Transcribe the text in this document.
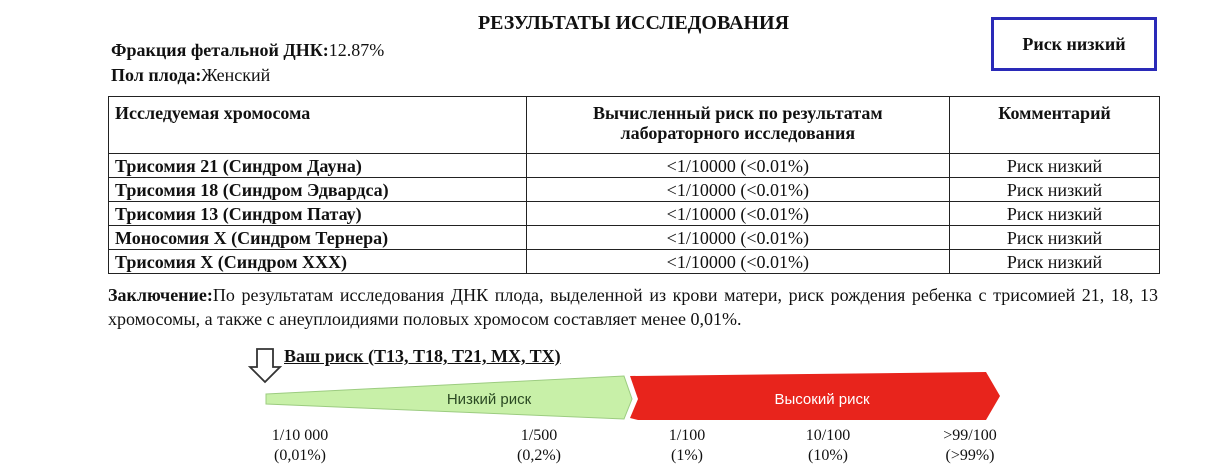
РЕЗУЛЬТАТЫ ИССЛЕДОВАНИЯ
Фракция фетальной ДНК:12.87%
Пол плода:Женский
Риск низкий
Исследуемая хромосома	Вычисленный риск по результатам лабораторного исследования	Комментарий
Трисомия 21 (Синдром Дауна)	<1/10000 (<0.01%)	Риск низкий
Трисомия 18 (Синдром Эдвардса)	<1/10000 (<0.01%)	Риск низкий
Трисомия 13 (Синдром Патау)	<1/10000 (<0.01%)	Риск низкий
Моносомия X (Синдром Тернера)	<1/10000 (<0.01%)	Риск низкий
Трисомия X (Синдром XXX)	<1/10000 (<0.01%)	Риск низкий
Заключение:По результатам исследования ДНК плода, выделенной из крови матери, риск рождения ребенка с трисомией 21, 18, 13 хромосомы, а также с анеуплоидиями половых хромосом составляет менее 0,01%.
Низкий риск	Высокий риск
Ваш риск (Т13, Т18, Т21, MX, TX)
1/10 000
(0,01%)
1/500
(0,2%)
1/100
(1%)
10/100
(10%)
>99/100
(>99%)
